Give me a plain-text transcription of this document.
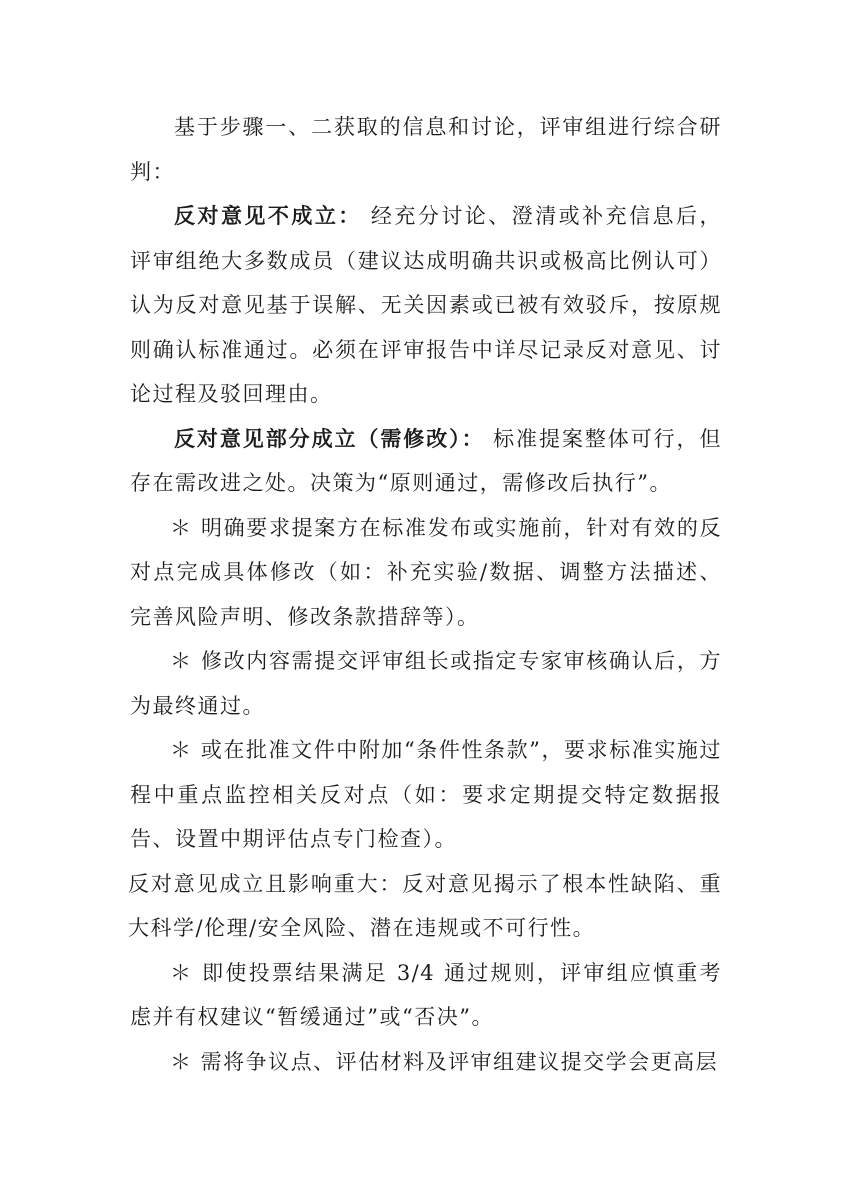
基于步骤一、二获取的信息和讨论，评审组进行综合研判：

反对意见不成立： 经充分讨论、澄清或补充信息后，评审组绝大多数成员（建议达成明确共识或极高比例认可）认为反对意见基于误解、无关因素或已被有效驳斥，按原规则确认标准通过。必须在评审报告中详尽记录反对意见、讨论过程及驳回理由。

反对意见部分成立（需修改）： 标准提案整体可行，但存在需改进之处。决策为“原则通过，需修改后执行”。

＊ 明确要求提案方在标准发布或实施前，针对有效的反对点完成具体修改（如：补充实验/数据、调整方法描述、完善风险声明、修改条款措辞等）。

＊ 修改内容需提交评审组长或指定专家审核确认后，方为最终通过。

＊ 或在批准文件中附加“条件性条款”，要求标准实施过程中重点监控相关反对点（如：要求定期提交特定数据报告、设置中期评估点专门检查）。

反对意见成立且影响重大：反对意见揭示了根本性缺陷、重大科学/伦理/安全风险、潜在违规或不可行性。

＊ 即使投票结果满足 3/4 通过规则，评审组应慎重考虑并有权建议“暂缓通过”或“否决”。

＊ 需将争议点、评估材料及评审组建议提交学会更高层
